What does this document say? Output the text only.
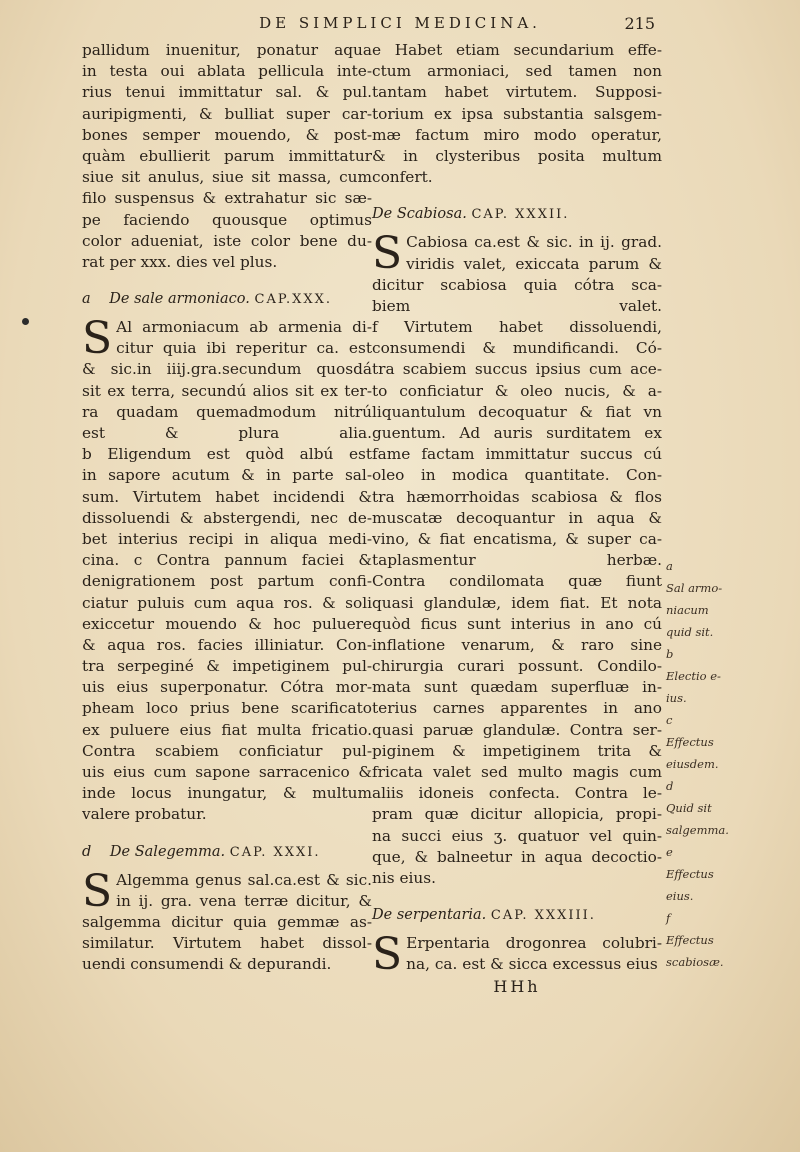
DE SIMPLICI MEDICINA.	215
pallidum inuenitur, ponatur aqua
in testa oui ablata pellicula inte-
rius tenui immittatur sal. & pul.
auripigmenti, & bulliat super car-
bones semper mouendo, & post-
quàm ebullierit parum immittatur
siue sit anulus, siue sit massa, cum
filo suspensus & extrahatur sic sæ-
pe faciendo quousque optimus
color adueniat, iste color bene du-
rat per xxx. dies vel plus.
a De sale armoniaco. CAP.XXX.
S Al armoniacum ab armenia di-
citur quia ibi reperitur ca. est
& sic.in iiij.gra.secundum quosdá
sit ex terra, secundú alios sit ex ter-
ra quadam quemadmodum nitrú
est & plura alia.
b Eligendum est quòd albú est
in sapore acutum & in parte sal-
sum. Virtutem habet incidendi &
dissoluendi & abstergendi, nec de-
bet interius recipi in aliqua medi-
cina. c Contra pannum faciei &
denigrationem post partum confi-
ciatur puluis cum aqua ros. & soli
exiccetur mouendo & hoc puluere
& aqua ros. facies illiniatur. Con-
tra serpeginé & impetiginem pul-
uis eius superponatur. Cótra mor-
pheam loco prius bene scarificato
ex puluere eius fiat multa fricatio.
Contra scabiem conficiatur pul-
uis eius cum sapone sarracenico &
inde locus inungatur, & multum
valere probatur.
d De Salegemma. CAP. XXXI.
S Algemma genus sal.ca.est & sic.
in ij. gra. vena terræ dicitur, &
salgemma dicitur quia gemmæ as-
similatur. Virtutem habet dissol-
uendi consumendi & depurandi.
e Habet etiam secundarium effe-
ctum armoniaci, sed tamen non
tantam habet virtutem. Supposi-
torium ex ipsa substantia salsgem-
mæ factum miro modo operatur,
& in clysteribus posita multum
confert.
De Scabiosa. CAP. XXXII.
S Cabiosa ca.est & sic. in ij. grad.
viridis valet, exiccata parum &
dicitur scabiosa quia cótra sca-
biem valet.
f Virtutem habet dissoluendi,
consumendi & mundificandi. Có-
tra scabiem succus ipsius cum ace-
to conficiatur & oleo nucis, & a-
liquantulum decoquatur & fiat vn
guentum. Ad auris surditatem ex
fame factam immittatur succus cú
oleo in modica quantitate. Con-
tra hæmorrhoidas scabiosa & flos
muscatæ decoquantur in aqua &
vino, & fiat encatisma, & super ca-
taplasmentur herbæ.
Contra condilomata quæ fiunt
quasi glandulæ, idem fiat. Et nota
quòd ficus sunt interius in ano cú
inflatione venarum, & raro sine
chirurgia curari possunt. Condilo-
mata sunt quædam superfluæ in-
terius carnes apparentes in ano
quasi paruæ glandulæ. Contra ser-
piginem & impetiginem trita &
fricata valet sed multo magis cum
aliis idoneis confecta. Contra le-
pram quæ dicitur allopicia, propi-
na succi eius ʒ. quatuor vel quin-
que, & balneetur in aqua decoctio-
nis eius.
De serpentaria. CAP. XXXIII.
S Erpentaria drogonrea colubri-
na, ca. est & sicca excessus eius
HHh
a
Sal armo-
niacum
quid sit.
b
Electio e-
ius.
c
Effectus
eiusdem.
d
Quid sit
salgemma.
e
Effectus
eius.
f
Effectus
scabiosæ.
